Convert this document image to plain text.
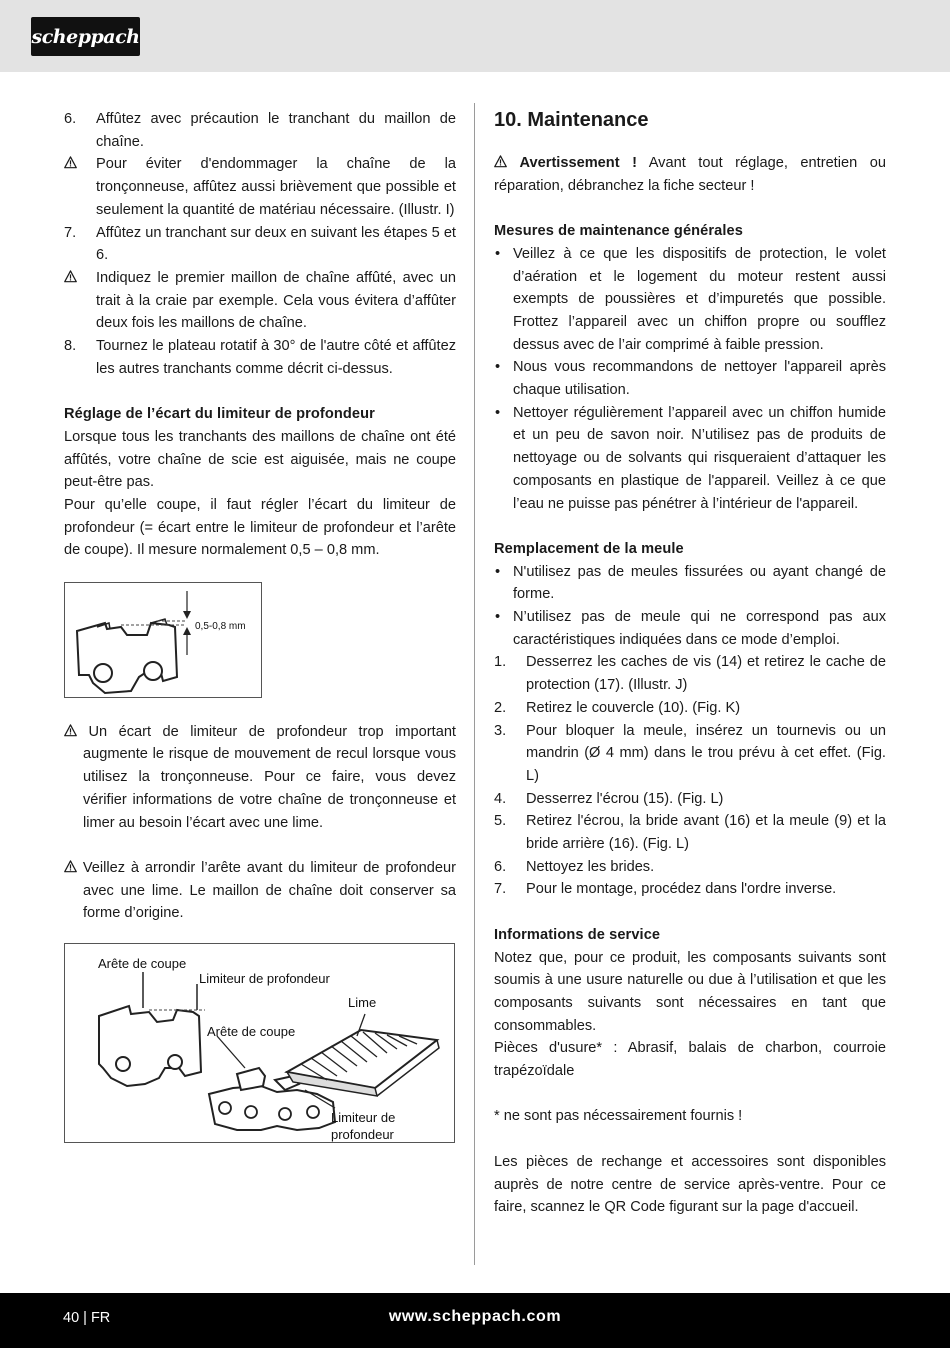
scheppach
6.	Affûtez avec précaution le tranchant du maillon de chaîne.
Pour éviter d'endommager la chaîne de la tronçonneuse, affûtez aussi brièvement que possible et seulement la quantité de matériau nécessaire. (Illustr. I)
7.	Affûtez un tranchant sur deux en suivant les étapes 5 et 6.
Indiquez le premier maillon de chaîne affûté, avec un trait à la craie par exemple. Cela vous évitera d’affûter deux fois les maillons de chaîne.
8.	Tournez le plateau rotatif à 30° de l'autre côté et affûtez les autres tranchants comme décrit ci-dessus.
Réglage de l’écart du limiteur de profondeur

Lorsque tous les tranchants des maillons de chaîne ont été affûtés, votre chaîne de scie est aiguisée, mais ne coupe peut-être pas.

Pour qu’elle coupe, il faut régler l’écart du limiteur de profondeur (= écart entre le limiteur de profondeur et l’arête de coupe). Il mesure normalement 0,5 – 0,8 mm.

0,5-0,8 mm
Un écart de limiteur de profondeur trop important augmente le risque de mouvement de recul lorsque vous utilisez la tronçonneuse. Pour ce faire, vous devez vérifier informations de votre chaîne de tronçonneuse et limer au besoin l’écart avec une lime.
Veillez à arrondir l’arête avant du limiteur de profondeur avec une lime. Le maillon de chaîne doit conserver sa forme d’origine.
Arête de coupe
Limiteur de profondeur
Lime
Arête de coupe
Limiteur de
profondeur
10. Maintenance

Avertissement ! Avant tout réglage, entretien ou réparation, débranchez la fiche secteur !

Mesures de maintenance générales
• Veillez à ce que les dispositifs de protection, le volet d’aération et le logement du moteur restent aussi exempts de poussières et d’impuretés que possible. Frottez l’appareil avec un chiffon propre ou soufflez dessus avec de l’air comprimé à faible pression.
• Nous vous recommandons de nettoyer l'appareil après chaque utilisation.
• Nettoyer régulièrement l’appareil avec un chiffon humide et un peu de savon noir. N’utilisez pas de produits de nettoyage ou de solvants qui risqueraient d’attaquer les composants en plastique de l'appareil. Veillez à ce que l’eau ne puisse pas pénétrer à l’intérieur de l'appareil.
Remplacement de la meule
• N'utilisez pas de meules fissurées ou ayant changé de forme.
• N’utilisez pas de meule qui ne correspond pas aux caractéristiques indiquées dans ce mode d’emploi.
1.	Desserrez les caches de vis (14) et retirez le cache de protection (17). (Illustr. J)
2.	Retirez le couvercle (10). (Fig. K)
3.	Pour bloquer la meule, insérez un tournevis ou un mandrin (Ø 4 mm) dans le trou prévu à cet effet. (Fig. L)
4.	Desserrez l'écrou (15). (Fig. L)
5.	Retirez l'écrou, la bride avant (16) et la meule (9) et la bride arrière (16). (Fig. L)
6.	Nettoyez les brides.
7.	Pour le montage, procédez dans l'ordre inverse.
Informations de service

Notez que, pour ce produit, les composants suivants sont soumis à une usure naturelle ou due à l’utilisation et que les composants suivants sont nécessaires en tant que consommables.

Pièces d'usure* : Abrasif, balais de charbon, courroie trapézoïdale

* ne sont pas nécessairement fournis !

Les pièces de rechange et accessoires sont disponibles auprès de notre centre de service après-ventre. Pour ce faire, scannez le QR Code figurant sur la page d'accueil.

40 | FR	www.scheppach.com
